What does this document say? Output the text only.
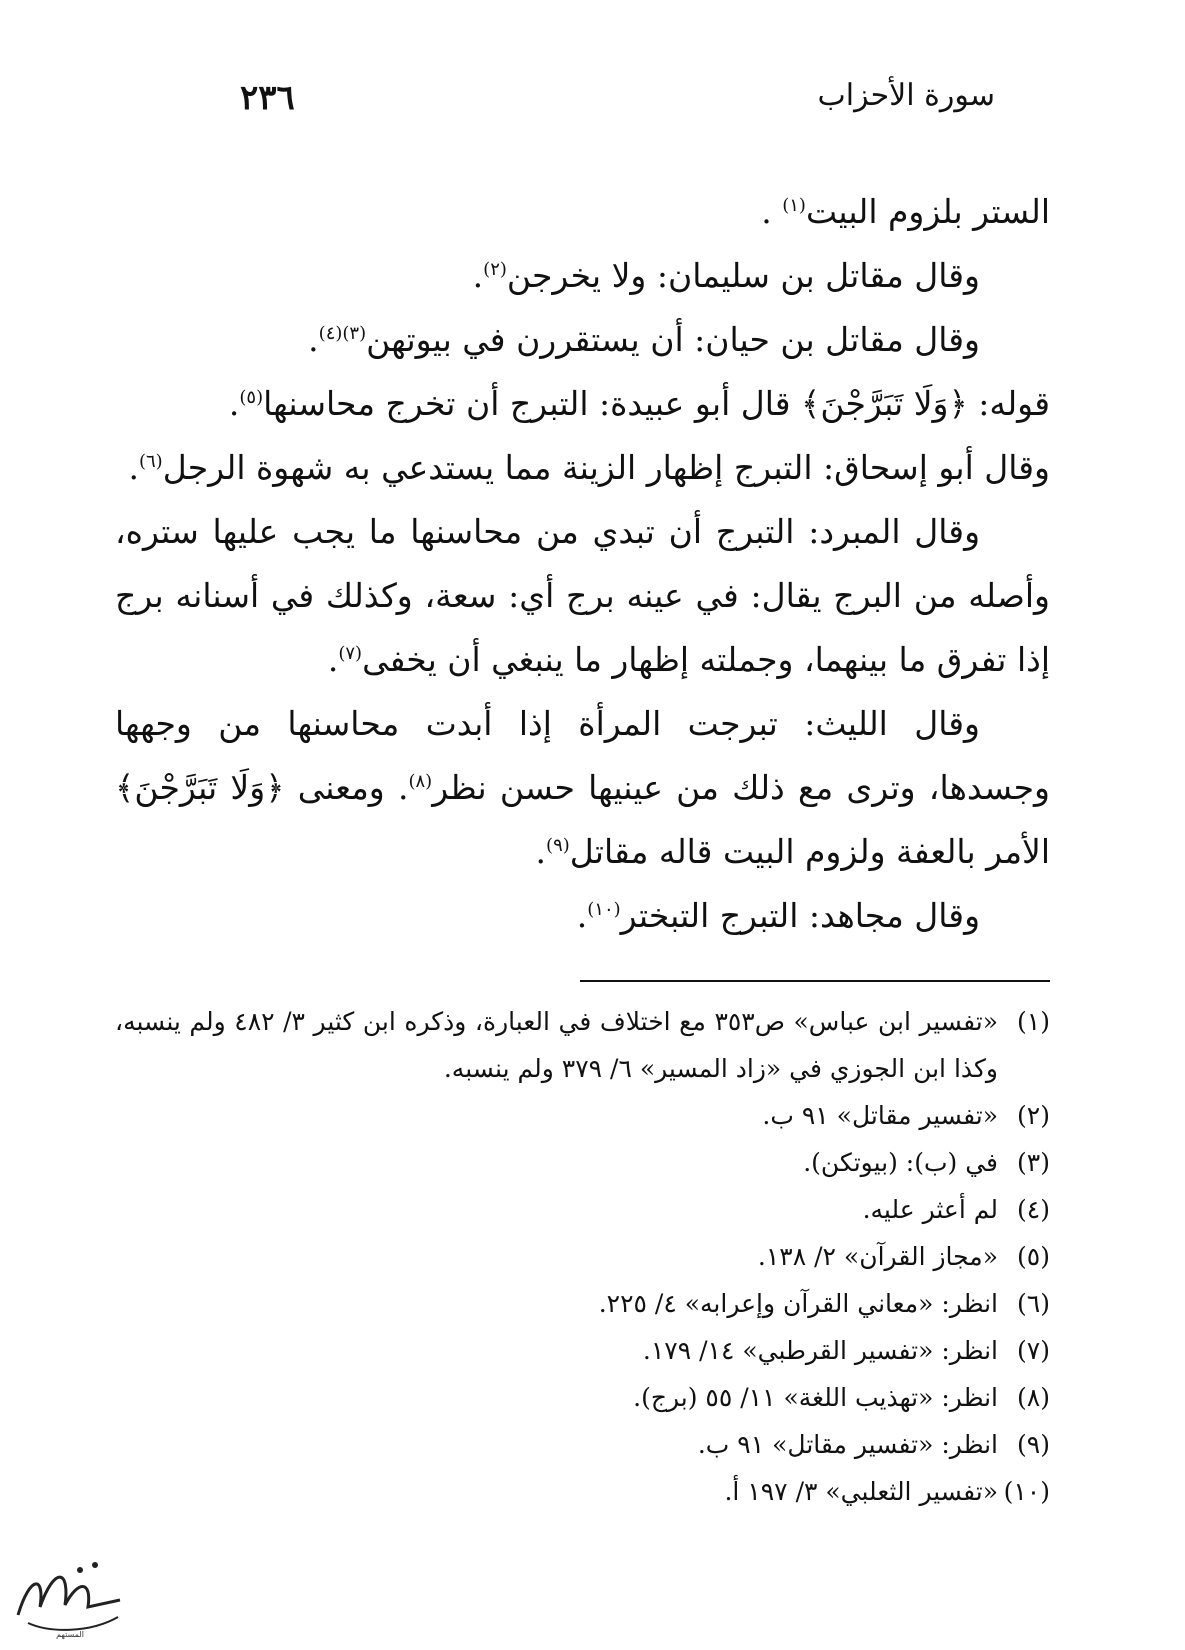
٢٣٦	سورة الأحزاب

الستر بلزوم البيت$^{(١)}$ .

وقال مقاتل بن سليمان: ولا يخرجن$^{(٢)}$.

وقال مقاتل بن حيان: أن يستقررن في بيوتهن$^{(٣)(٤)}$.

قوله: ﴿وَلَا تَبَرَّجْنَ﴾ قال أبو عبيدة: التبرج أن تخرج محاسنها$^{(٥)}$.

وقال أبو إسحاق: التبرج إظهار الزينة مما يستدعي به شهوة الرجل$^{(٦)}$.

وقال المبرد: التبرج أن تبدي من محاسنها ما يجب عليها ستره، وأصله من البرج يقال: في عينه برج أي: سعة، وكذلك في أسنانه برج إذا تفرق ما بينهما، وجملته إظهار ما ينبغي أن يخفى$^{(٧)}$.

وقال الليث: تبرجت المرأة إذا أبدت محاسنها من وجهها وجسدها، وترى مع ذلك من عينيها حسن نظر$^{(٨)}$. ومعنى ﴿وَلَا تَبَرَّجْنَ﴾ الأمر بالعفة ولزوم البيت قاله مقاتل$^{(٩)}$.

وقال مجاهد: التبرج التبختر$^{(١٠)}$.

(١)
«تفسير ابن عباس» ص٣٥٣ مع اختلاف في العبارة، وذكره ابن كثير ٣/ ٤٨٢ ولم ينسبه، وكذا ابن الجوزي في «زاد المسير» ٦/ ٣٧٩ ولم ينسبه.
(٢)
«تفسير مقاتل» ٩١ ب.
(٣)
في (ب): (بيوتكن).
(٤)
لم أعثر عليه.
(٥)
«مجاز القرآن» ٢/ ١٣٨.
(٦)
انظر: «معاني القرآن وإعرابه» ٤/ ٢٢٥.
(٧)
انظر: «تفسير القرطبي» ١٤/ ١٧٩.
(٨)
انظر: «تهذيب اللغة» ١١/ ٥٥ (برج).
(٩)
انظر: «تفسير مقاتل» ٩١ ب.
(١٠)
«تفسير الثعلبي» ٣/ ١٩٧ أ.
المستهم
